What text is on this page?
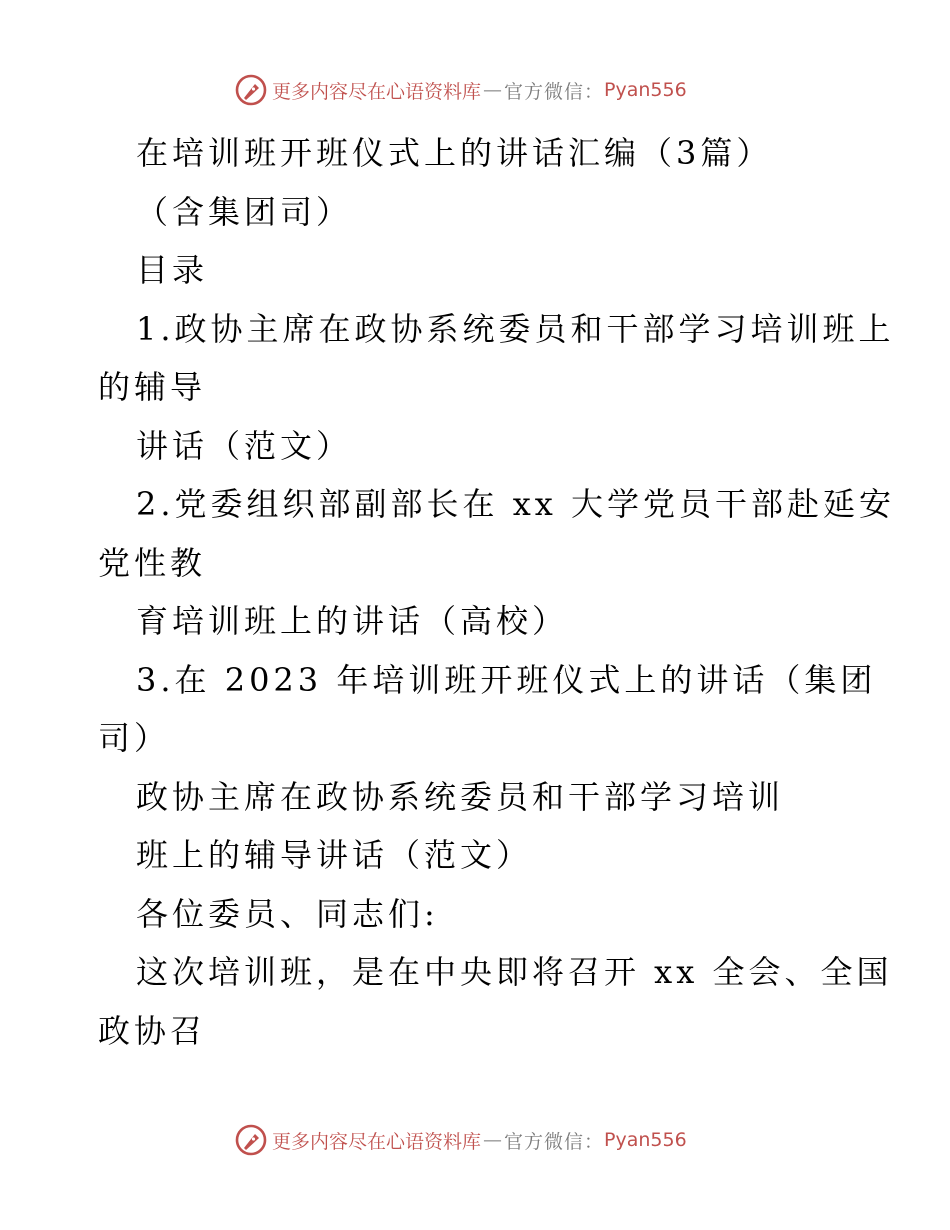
更多内容尽在心语资料库 — 官方微信： Pyan556
在培训班开班仪式上的讲话汇编（3篇）
（含集团司）
目录
1.政协主席在政协系统委员和干部学习培训班上
的辅导
讲话（范文）
2.党委组织部副部长在 xx 大学党员干部赴延安
党性教
育培训班上的讲话（高校）
3.在 2023 年培训班开班仪式上的讲话（集团
司）
政协主席在政协系统委员和干部学习培训
班上的辅导讲话（范文）
各位委员、同志们:
这次培训班，是在中央即将召开 xx 全会、全国
政协召
更多内容尽在心语资料库 — 官方微信： Pyan556
